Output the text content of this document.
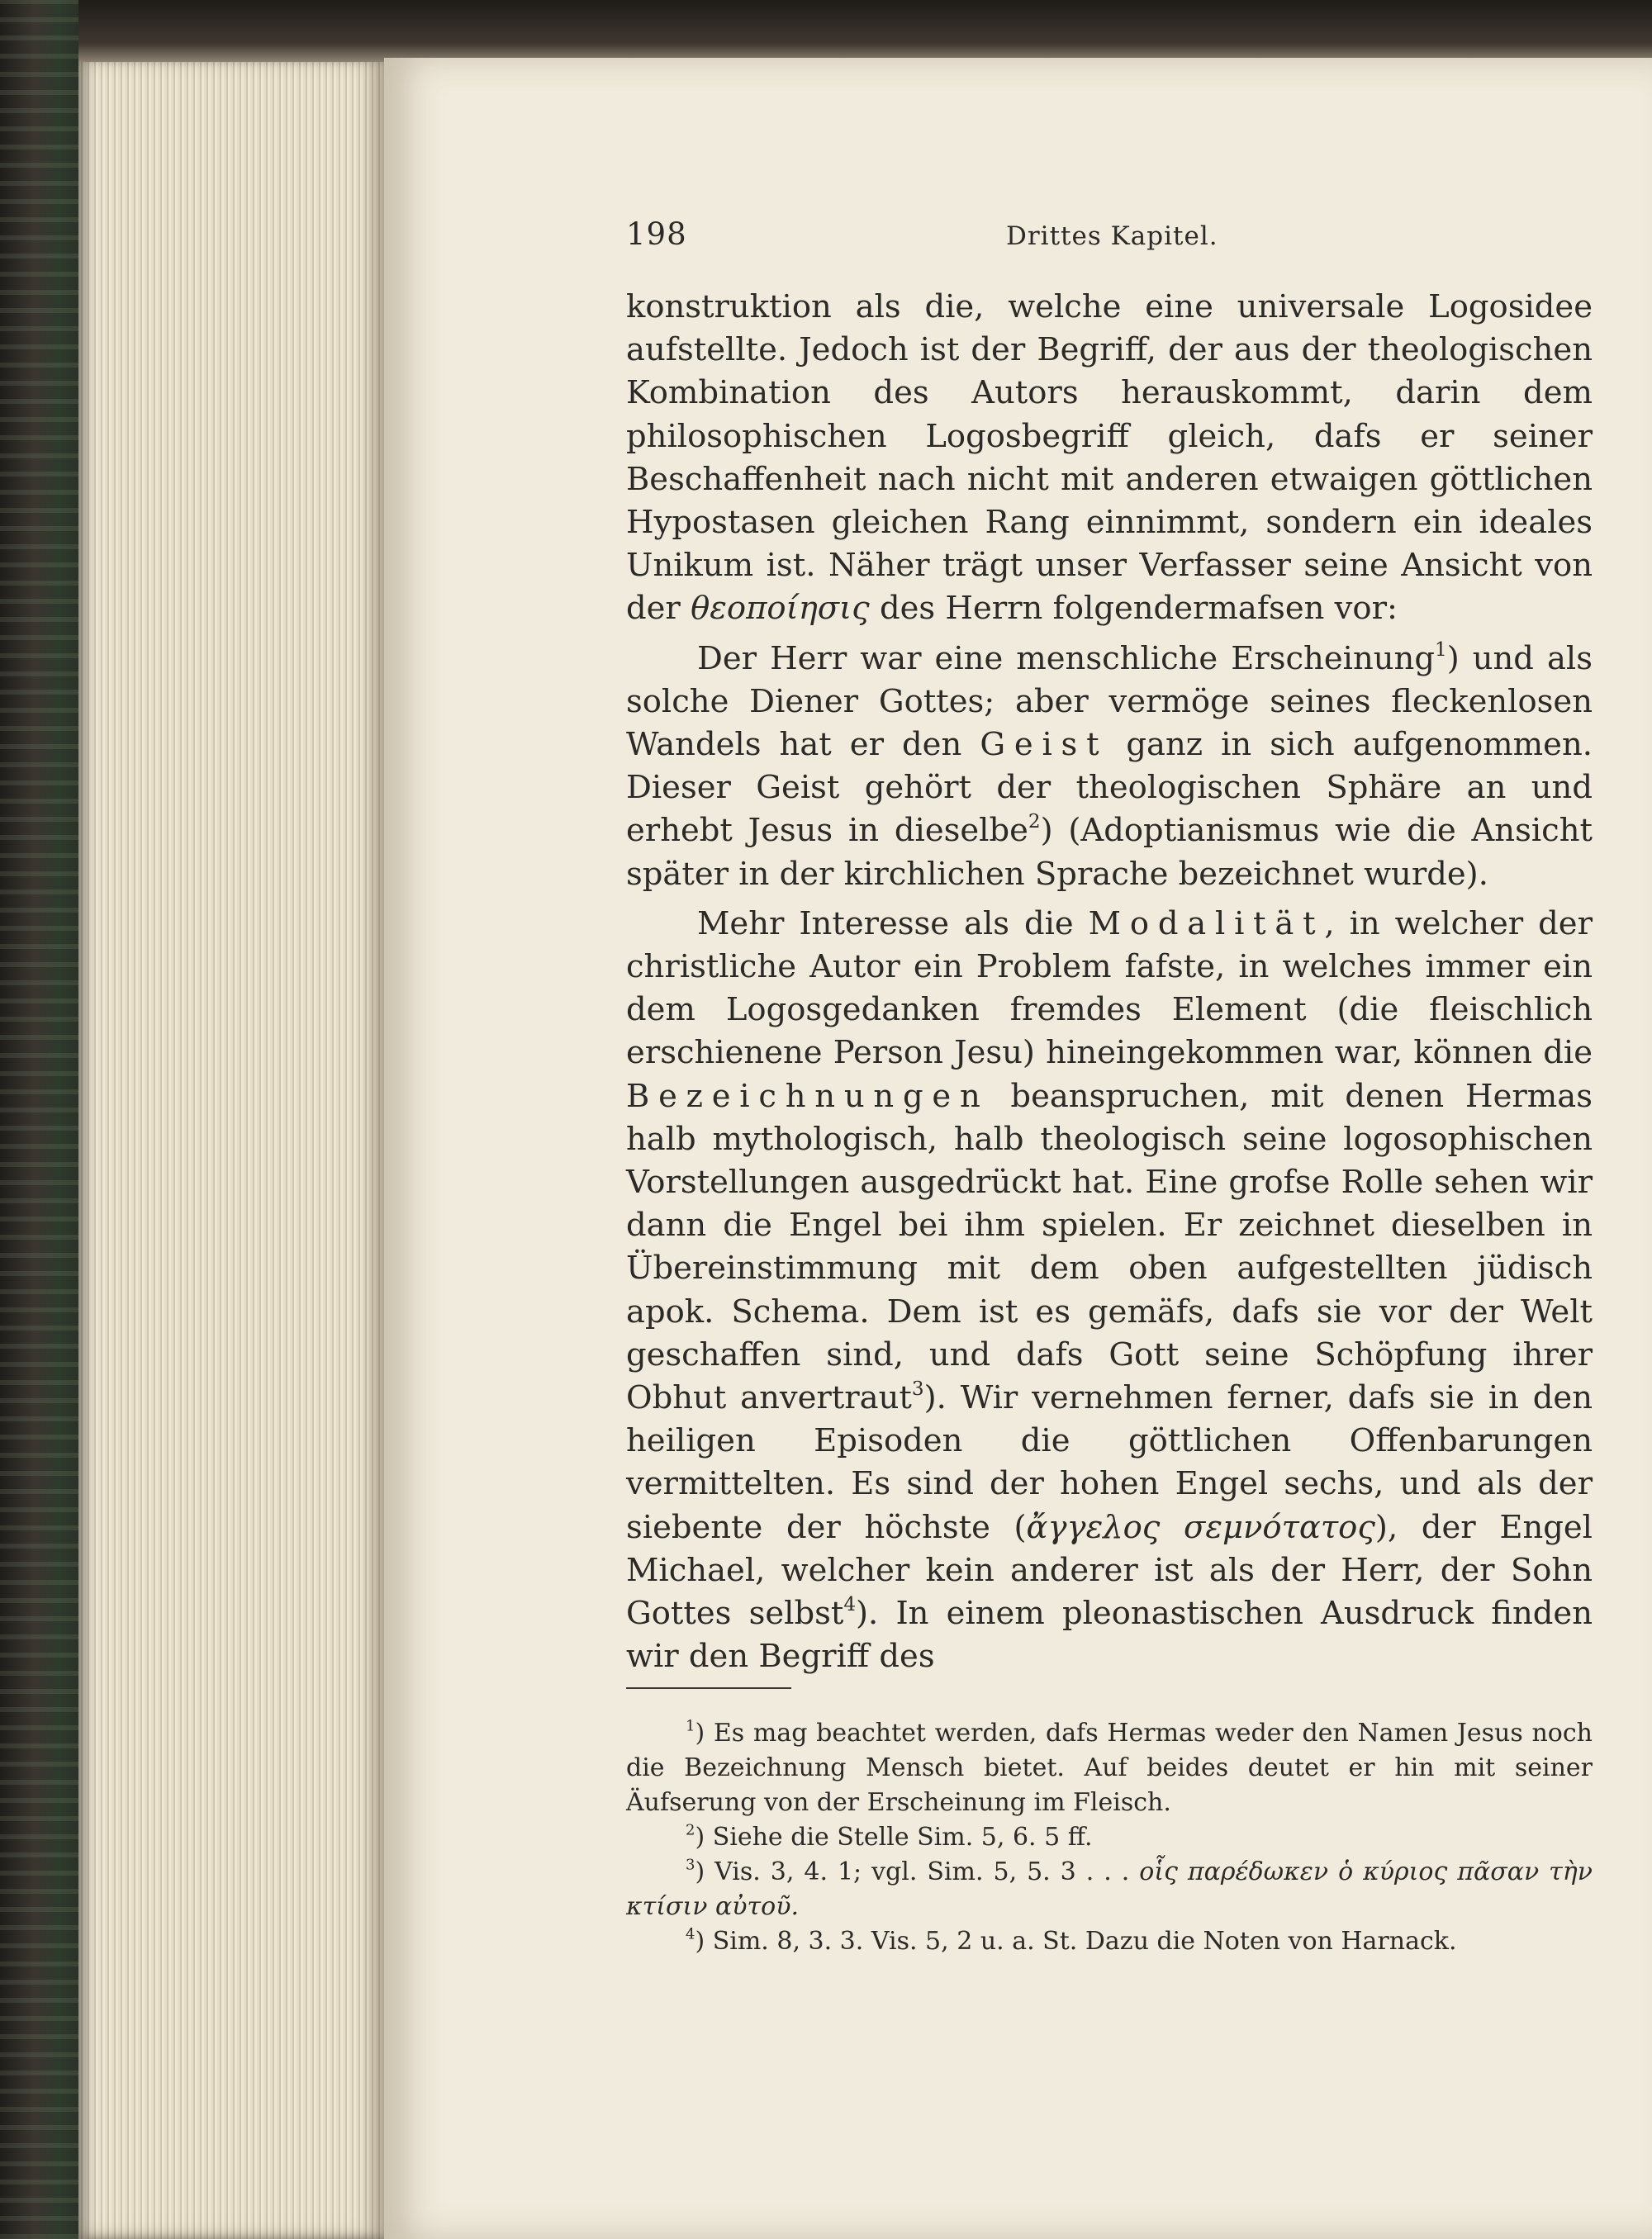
198	Drittes Kapitel.

konstruktion als die, welche eine universale Logosidee aufstellte. Jedoch ist der Begriff, der aus der theologischen Kombination des Autors herauskommt, darin dem philosophischen Logosbegriff gleich, dafs er seiner Beschaffenheit nach nicht mit anderen etwaigen göttlichen Hypostasen gleichen Rang einnimmt, sondern ein ideales Unikum ist. Näher trägt unser Verfasser seine Ansicht von der θεοποίησις des Herrn folgendermafsen vor:

Der Herr war eine menschliche Erscheinung$^1$) und als solche Diener Gottes; aber vermöge seines fleckenlosen Wandels hat er den Geist ganz in sich aufgenommen. Dieser Geist gehört der theologischen Sphäre an und erhebt Jesus in dieselbe$^2$) (Adoptianismus wie die Ansicht später in der kirchlichen Sprache bezeichnet wurde).

Mehr Interesse als die Modalität, in welcher der christliche Autor ein Problem fafste, in welches immer ein dem Logosgedanken fremdes Element (die fleischlich erschienene Person Jesu) hineingekommen war, können die Bezeichnungen beanspruchen, mit denen Hermas halb mythologisch, halb theologisch seine logosophischen Vorstellungen ausgedrückt hat. Eine grofse Rolle sehen wir dann die Engel bei ihm spielen. Er zeichnet dieselben in Übereinstimmung mit dem oben aufgestellten jüdisch apok. Schema. Dem ist es gemäfs, dafs sie vor der Welt geschaffen sind, und dafs Gott seine Schöpfung ihrer Obhut anvertraut$^3$). Wir vernehmen ferner, dafs sie in den heiligen Episoden die göttlichen Offenbarungen vermittelten. Es sind der hohen Engel sechs, und als der siebente der höchste (ἄγγελος σεμνότατος), der Engel Michael, welcher kein anderer ist als der Herr, der Sohn Gottes selbst$^4$). In einem pleonastischen Ausdruck finden wir den Begriff des

$^1$) Es mag beachtet werden, dafs Hermas weder den Namen Jesus noch die Bezeichnung Mensch bietet. Auf beides deutet er hin mit seiner Äufserung von der Erscheinung im Fleisch.

$^2$) Siehe die Stelle Sim. 5, 6. 5 ff.

$^3$) Vis. 3, 4. 1; vgl. Sim. 5, 5. 3 . . . οἷς παρέδωκεν ὁ κύριος πᾶσαν τὴν κτίσιν αὐτοῦ.

$^4$) Sim. 8, 3. 3. Vis. 5, 2 u. a. St. Dazu die Noten von Harnack.
